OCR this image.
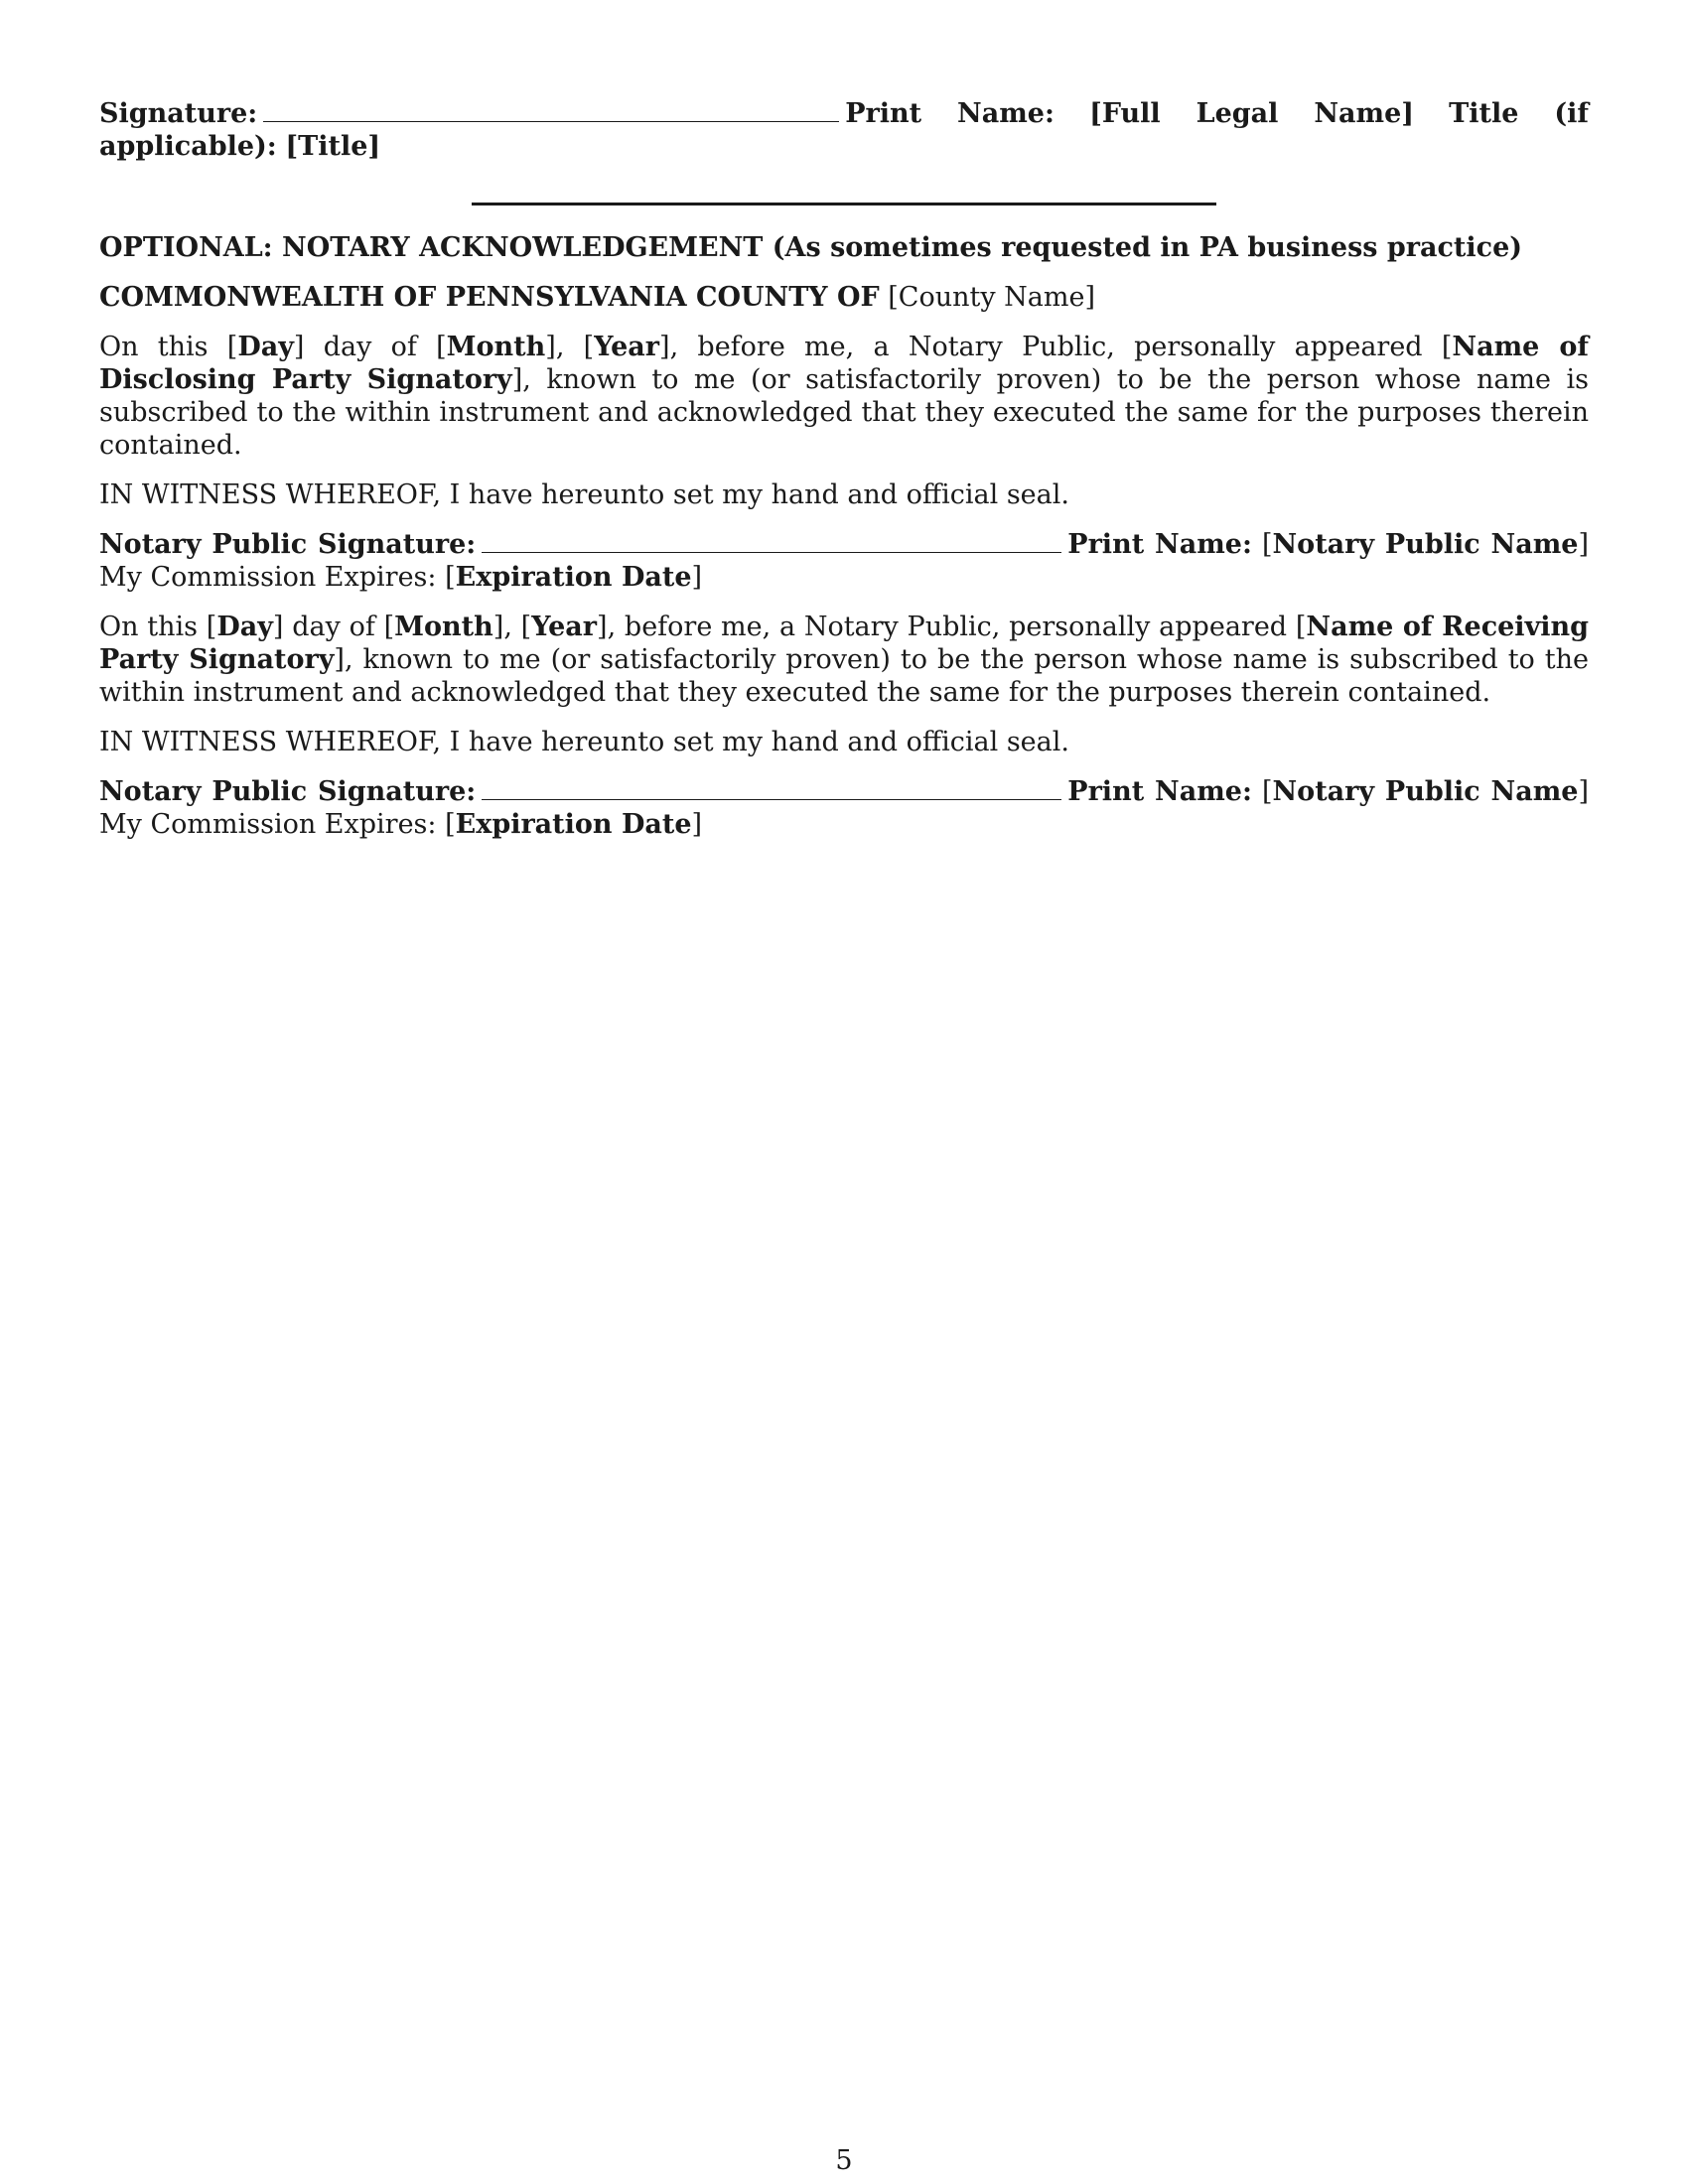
Signature:	Print Name: [Full Legal Name] Title (if applicable): [Title]

OPTIONAL: NOTARY ACKNOWLEDGEMENT (As sometimes requested in PA business practice)

COMMONWEALTH OF PENNSYLVANIA COUNTY OF [County Name]

On this [Day] day of [Month], [Year], before me, a Notary Public, personally appeared [Name of Disclosing Party Signatory], known to me (or satisfactorily proven) to be the person whose name is subscribed to the within instrument and acknowledged that they executed the same for the purposes therein contained.

IN WITNESS WHEREOF, I have hereunto set my hand and official seal.

Notary Public Signature:	Print Name: [Notary Public Name] My Commission Expires: [Expiration Date]

On this [Day] day of [Month], [Year], before me, a Notary Public, personally appeared [Name of Receiving Party Signatory], known to me (or satisfactorily proven) to be the person whose name is subscribed to the within instrument and acknowledged that they executed the same for the purposes therein contained.

IN WITNESS WHEREOF, I have hereunto set my hand and official seal.

Notary Public Signature:	Print Name: [Notary Public Name] My Commission Expires: [Expiration Date]

5
